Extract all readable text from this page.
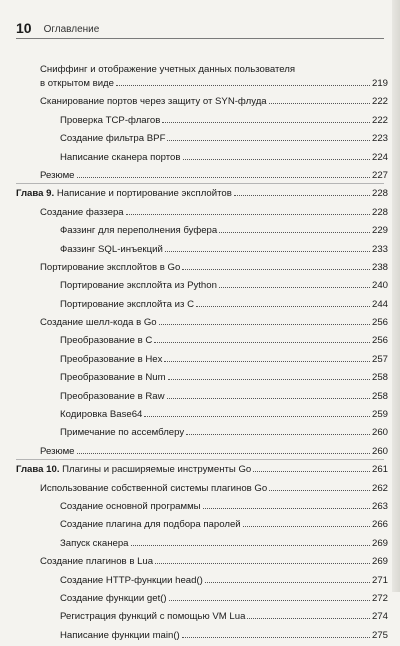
10 Оглавление
Сниффинг и отображение учетных данных пользователя
в открытом виде	219
Сканирование портов через защиту от SYN-флуда	222
Проверка TCP-флагов	222
Создание фильтра BPF	223
Написание сканера портов	224
Резюме	227
Глава 9. Написание и портирование эксплойтов	228
Создание фаззера	228
Фаззинг для переполнения буфера	229
Фаззинг SQL-инъекций	233
Портирование эксплойтов в Go	238
Портирование эксплойта из Python	240
Портирование эксплойта из C	244
Создание шелл-кода в Go	256
Преобразование в C	256
Преобразование в Hex	257
Преобразование в Num	258
Преобразование в Raw	258
Кодировка Base64	259
Примечание по ассемблеру	260
Резюме	260
Глава 10. Плагины и расширяемые инструменты Go	261
Использование собственной системы плагинов Go	262
Создание основной программы	263
Создание плагина для подбора паролей	266
Запуск сканера	269
Создание плагинов в Lua	269
Создание HTTP-функции head()	271
Создание функции get()	272
Регистрация функций с помощью VM Lua	274
Написание функции main()	275
